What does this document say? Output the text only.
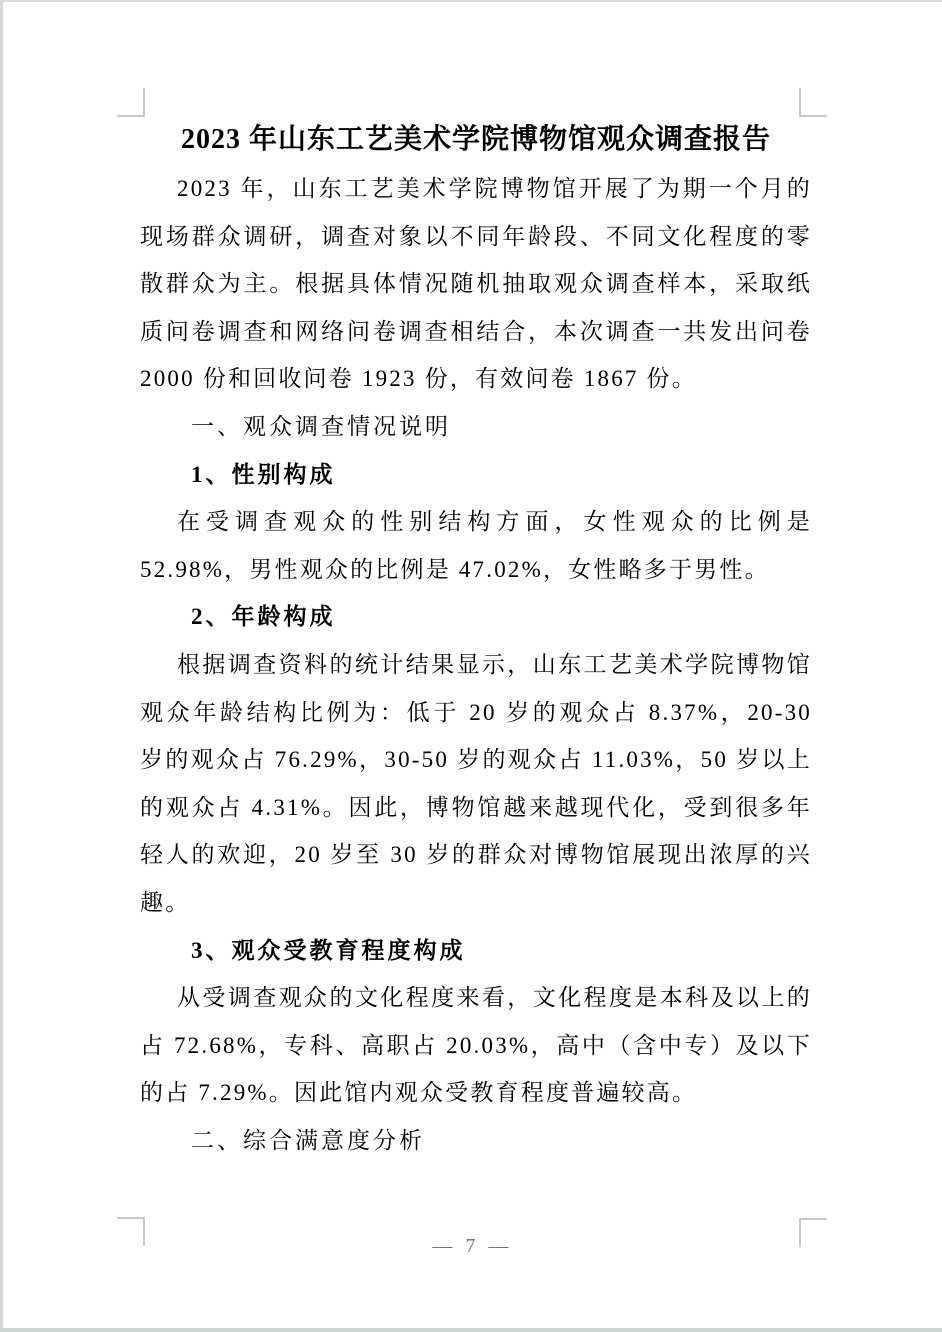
2023 年山东工艺美术学院博物馆观众调查报告

2023 年，山东工艺美术学院博物馆开展了为期一个月的现场群众调研，调查对象以不同年龄段、不同文化程度的零散群众为主。根据具体情况随机抽取观众调查样本，采取纸质问卷调查和网络问卷调查相结合，本次调查一共发出问卷 2000 份和回收问卷 1923 份，有效问卷 1867 份。

一、观众调查情况说明
1、性别构成

在受调查观众的性别结构方面，女性观众的比例是 52.98%，男性观众的比例是 47.02%，女性略多于男性。

2、年龄构成

根据调查资料的统计结果显示，山东工艺美术学院博物馆观众年龄结构比例为：低于 20 岁的观众占 8.37%，20-30 岁的观众占 76.29%，30-50 岁的观众占 11.03%，50 岁以上的观众占 4.31%。因此，博物馆越来越现代化，受到很多年轻人的欢迎，20 岁至 30 岁的群众对博物馆展现出浓厚的兴趣。

3、观众受教育程度构成

从受调查观众的文化程度来看，文化程度是本科及以上的占 72.68%，专科、高职占 20.03%，高中（含中专）及以下的占 7.29%。因此馆内观众受教育程度普遍较高。

二、综合满意度分析
— 7 —
